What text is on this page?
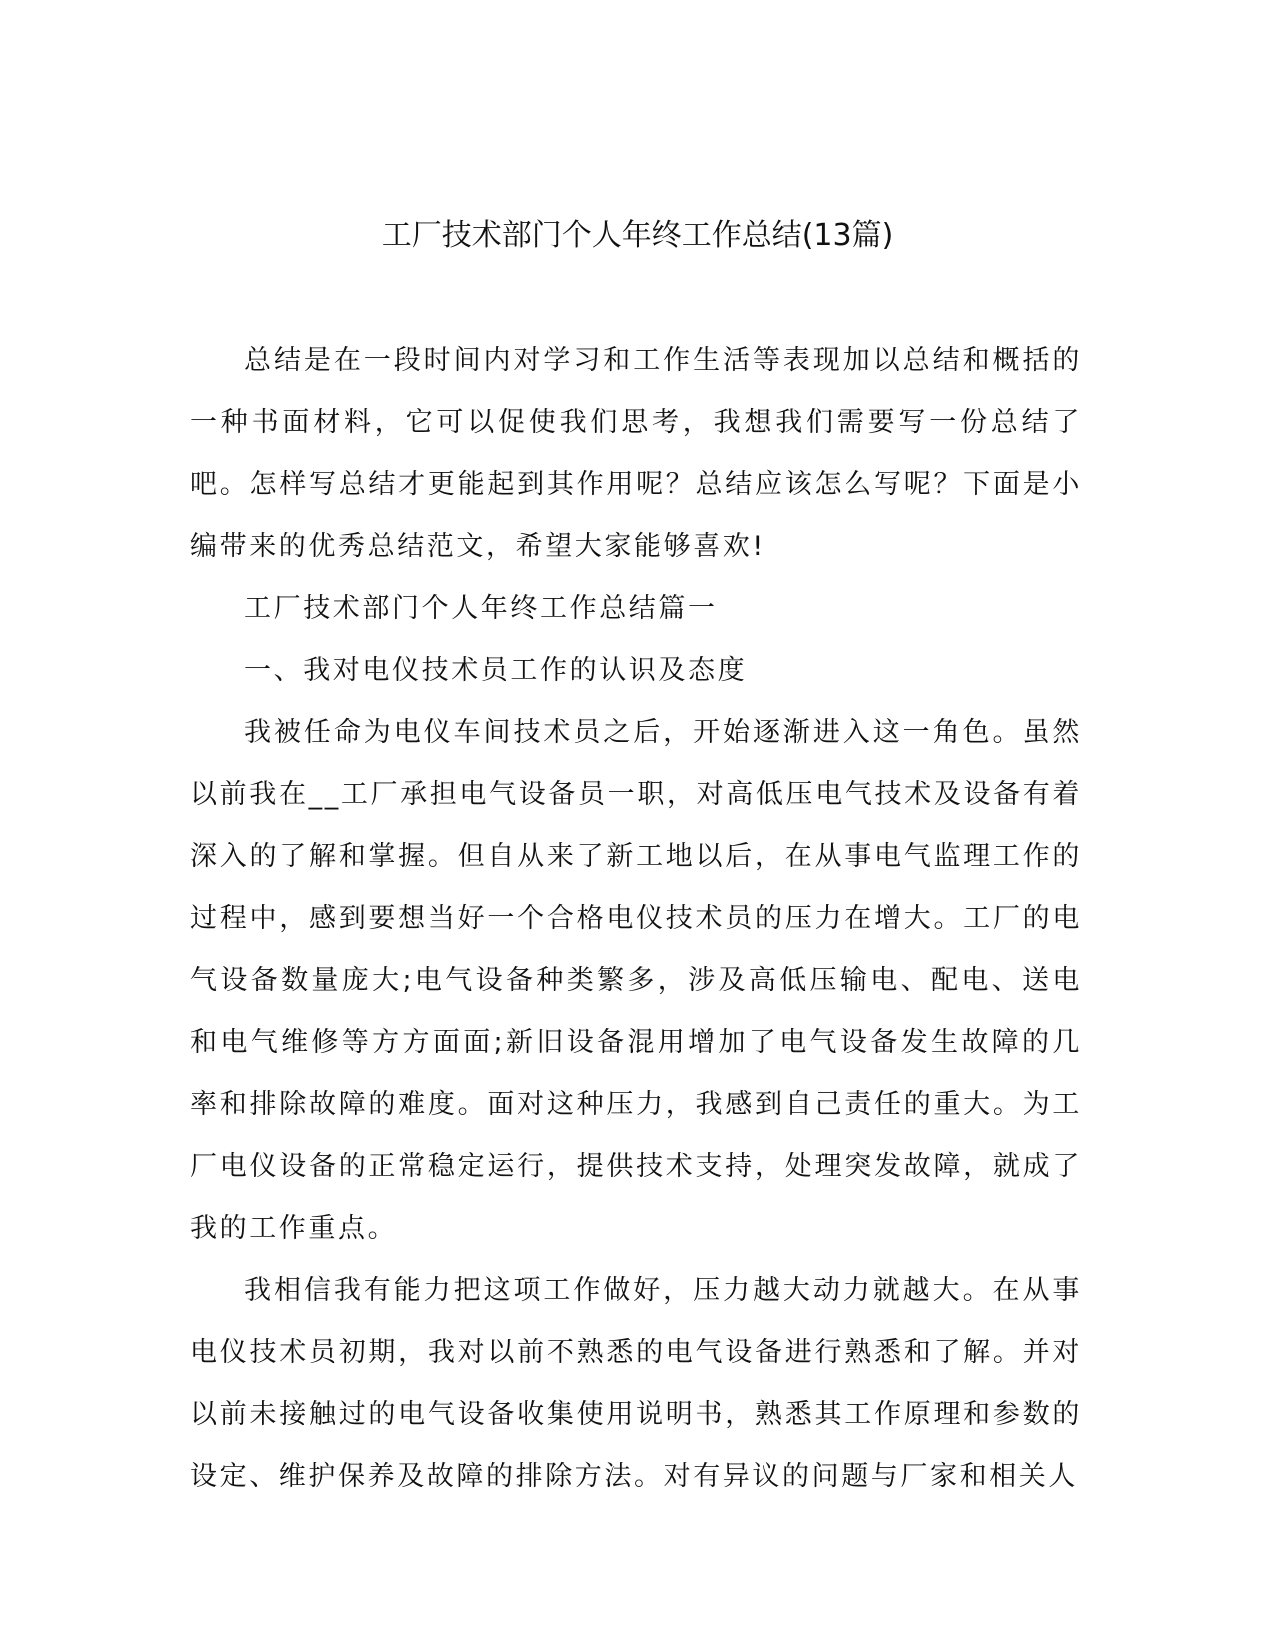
工厂技术部门个人年终工作总结(13篇)

总结是在一段时间内对学习和工作生活等表现加以总结和概括的一种书面材料，它可以促使我们思考，我想我们需要写一份总结了吧。怎样写总结才更能起到其作用呢？总结应该怎么写呢？下面是小编带来的优秀总结范文，希望大家能够喜欢!

工厂技术部门个人年终工作总结篇一

一、我对电仪技术员工作的认识及态度

我被任命为电仪车间技术员之后，开始逐渐进入这一角色。虽然以前我在__工厂承担电气设备员一职，对高低压电气技术及设备有着深入的了解和掌握。但自从来了新工地以后，在从事电气监理工作的过程中，感到要想当好一个合格电仪技术员的压力在增大。工厂的电气设备数量庞大;电气设备种类繁多，涉及高低压输电、配电、送电和电气维修等方方面面;新旧设备混用增加了电气设备发生故障的几率和排除故障的难度。面对这种压力，我感到自己责任的重大。为工厂电仪设备的正常稳定运行，提供技术支持，处理突发故障，就成了我的工作重点。

我相信我有能力把这项工作做好，压力越大动力就越大。在从事电仪技术员初期，我对以前不熟悉的电气设备进行熟悉和了解。并对以前未接触过的电气设备收集使用说明书，熟悉其工作原理和参数的设定、维护保养及故障的排除方法。对有异议的问题与厂家和相关人
